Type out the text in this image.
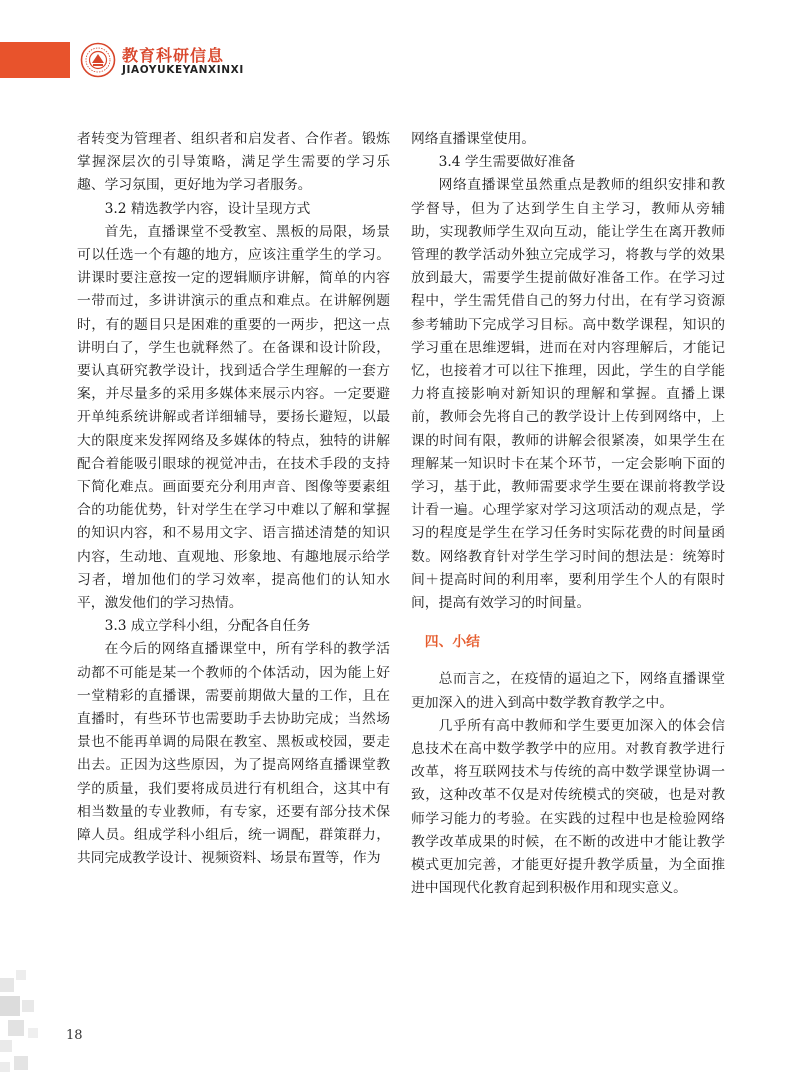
教育科研信息
JIAOYUKEYANXINXI

者转变为管理者、组织者和启发者、合作者。锻炼掌握深层次的引导策略，满足学生需要的学习乐趣、学习氛围，更好地为学习者服务。

3.2 精选教学内容，设计呈现方式

首先，直播课堂不受教室、黑板的局限，场景可以任选一个有趣的地方，应该注重学生的学习。讲课时要注意按一定的逻辑顺序讲解，简单的内容一带而过，多讲讲演示的重点和难点。在讲解例题时，有的题目只是困难的重要的一两步，把这一点讲明白了，学生也就释然了。在备课和设计阶段，要认真研究教学设计，找到适合学生理解的一套方案，并尽量多的采用多媒体来展示内容。一定要避开单纯系统讲解或者详细辅导，要扬长避短，以最大的限度来发挥网络及多媒体的特点，独特的讲解配合着能吸引眼球的视觉冲击，在技术手段的支持下简化难点。画面要充分利用声音、图像等要素组合的功能优势，针对学生在学习中难以了解和掌握的知识内容，和不易用文字、语言描述清楚的知识内容，生动地、直观地、形象地、有趣地展示给学习者，增加他们的学习效率，提高他们的认知水平，激发他们的学习热情。

3.3 成立学科小组，分配各自任务

在今后的网络直播课堂中，所有学科的教学活动都不可能是某一个教师的个体活动，因为能上好一堂精彩的直播课，需要前期做大量的工作，且在直播时，有些环节也需要助手去协助完成；当然场景也不能再单调的局限在教室、黑板或校园，要走出去。正因为这些原因，为了提高网络直播课堂教学的质量，我们要将成员进行有机组合，这其中有相当数量的专业教师，有专家，还要有部分技术保障人员。组成学科小组后，统一调配，群策群力，共同完成教学设计、视频资料、场景布置等，作为

网络直播课堂使用。

3.4 学生需要做好准备

网络直播课堂虽然重点是教师的组织安排和教学督导，但为了达到学生自主学习，教师从旁辅助，实现教师学生双向互动，能让学生在离开教师管理的教学活动外独立完成学习，将教与学的效果放到最大，需要学生提前做好准备工作。在学习过程中，学生需凭借自己的努力付出，在有学习资源参考辅助下完成学习目标。高中数学课程，知识的学习重在思维逻辑，进而在对内容理解后，才能记忆，也接着才可以往下推理，因此，学生的自学能力将直接影响对新知识的理解和掌握。直播上课前，教师会先将自己的教学设计上传到网络中，上课的时间有限，教师的讲解会很紧凑，如果学生在理解某一知识时卡在某个环节，一定会影响下面的学习，基于此，教师需要求学生要在课前将教学设计看一遍。心理学家对学习这项活动的观点是，学习的程度是学生在学习任务时实际花费的时间量函数。网络教育针对学生学习时间的想法是：统筹时间＋提高时间的利用率，要利用学生个人的有限时间，提高有效学习的时间量。

四、小结

总而言之，在疫情的逼迫之下，网络直播课堂更加深入的进入到高中数学教育教学之中。

几乎所有高中教师和学生要更加深入的体会信息技术在高中数学教学中的应用。对教育教学进行改革，将互联网技术与传统的高中数学课堂协调一致，这种改革不仅是对传统模式的突破，也是对教师学习能力的考验。在实践的过程中也是检验网络教学改革成果的时候，在不断的改进中才能让教学模式更加完善，才能更好提升教学质量，为全面推进中国现代化教育起到积极作用和现实意义。

18
